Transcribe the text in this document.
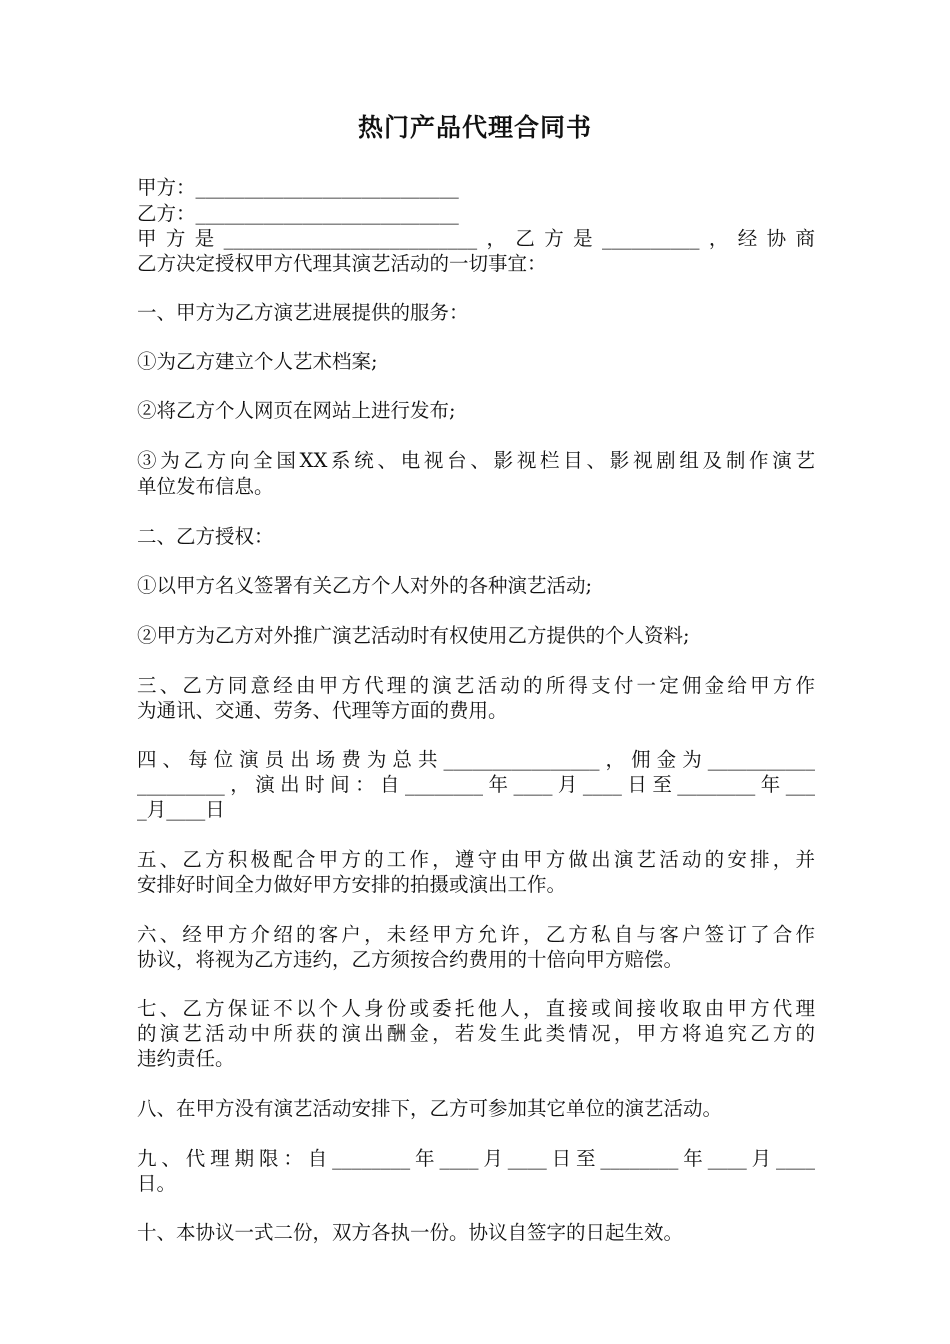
热门产品代理合同书
甲方：___________________________
乙方：___________________________
甲方是__________________________，乙方是__________，经协商
乙方决定授权甲方代理其演艺活动的一切事宜：
一、甲方为乙方演艺进展提供的服务：
①为乙方建立个人艺术档案;
②将乙方个人网页在网站上进行发布;
③为乙方向全国XX系统、电视台、影视栏目、影视剧组及制作演艺
单位发布信息。
二、乙方授权：
①以甲方名义签署有关乙方个人对外的各种演艺活动;
②甲方为乙方对外推广演艺活动时有权使用乙方提供的个人资料;
三、乙方同意经由甲方代理的演艺活动的所得支付一定佣金给甲方作
为通讯、交通、劳务、代理等方面的费用。
四、每位演员出场费为总共________________，佣金为___________
_________，演出时间：自________年____月____日至________年___
_月____日
五、乙方积极配合甲方的工作，遵守由甲方做出演艺活动的安排，并
安排好时间全力做好甲方安排的拍摄或演出工作。
六、经甲方介绍的客户，未经甲方允许，乙方私自与客户签订了合作
协议，将视为乙方违约，乙方须按合约费用的十倍向甲方赔偿。
七、乙方保证不以个人身份或委托他人，直接或间接收取由甲方代理
的演艺活动中所获的演出酬金，若发生此类情况，甲方将追究乙方的
违约责任。
八、在甲方没有演艺活动安排下，乙方可参加其它单位的演艺活动。
九、代理期限：自________年____月____日至________年____月____
日。
十、本协议一式二份，双方各执一份。协议自签字的日起生效。
